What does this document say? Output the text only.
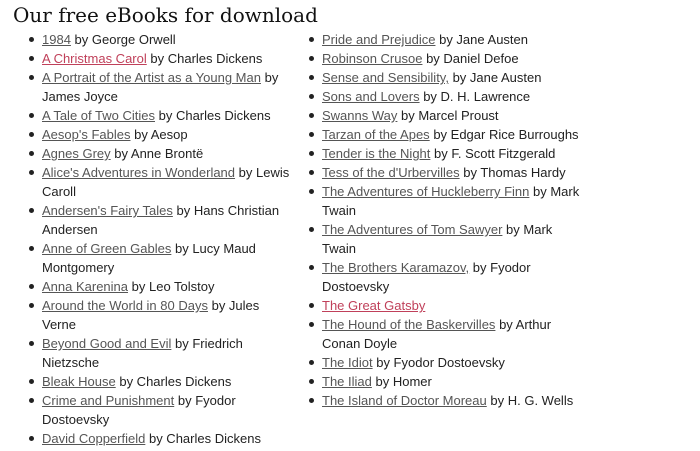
Our free eBooks for download
1984 by George Orwell
A Christmas Carol by Charles Dickens
A Portrait of the Artist as a Young Man by James Joyce
A Tale of Two Cities by Charles Dickens
Aesop's Fables by Aesop
Agnes Grey by Anne Brontë
Alice's Adventures in Wonderland by Lewis Caroll
Andersen's Fairy Tales by Hans Christian Andersen
Anne of Green Gables by Lucy Maud Montgomery
Anna Karenina by Leo Tolstoy
Around the World in 80 Days by Jules Verne
Beyond Good and Evil by Friedrich Nietzsche
Bleak House by Charles Dickens
Crime and Punishment by Fyodor Dostoevsky
David Copperfield by Charles Dickens
Pride and Prejudice by Jane Austen
Robinson Crusoe by Daniel Defoe
Sense and Sensibility, by Jane Austen
Sons and Lovers by D. H. Lawrence
Swanns Way by Marcel Proust
Tarzan of the Apes by Edgar Rice Burroughs
Tender is the Night by F. Scott Fitzgerald
Tess of the d'Urbervilles by Thomas Hardy
The Adventures of Huckleberry Finn by Mark Twain
The Adventures of Tom Sawyer by Mark Twain
The Brothers Karamazov, by Fyodor Dostoevsky
The Great Gatsby
The Hound of the Baskervilles by Arthur Conan Doyle
The Idiot by Fyodor Dostoevsky
The Iliad by Homer
The Island of Doctor Moreau by H. G. Wells
